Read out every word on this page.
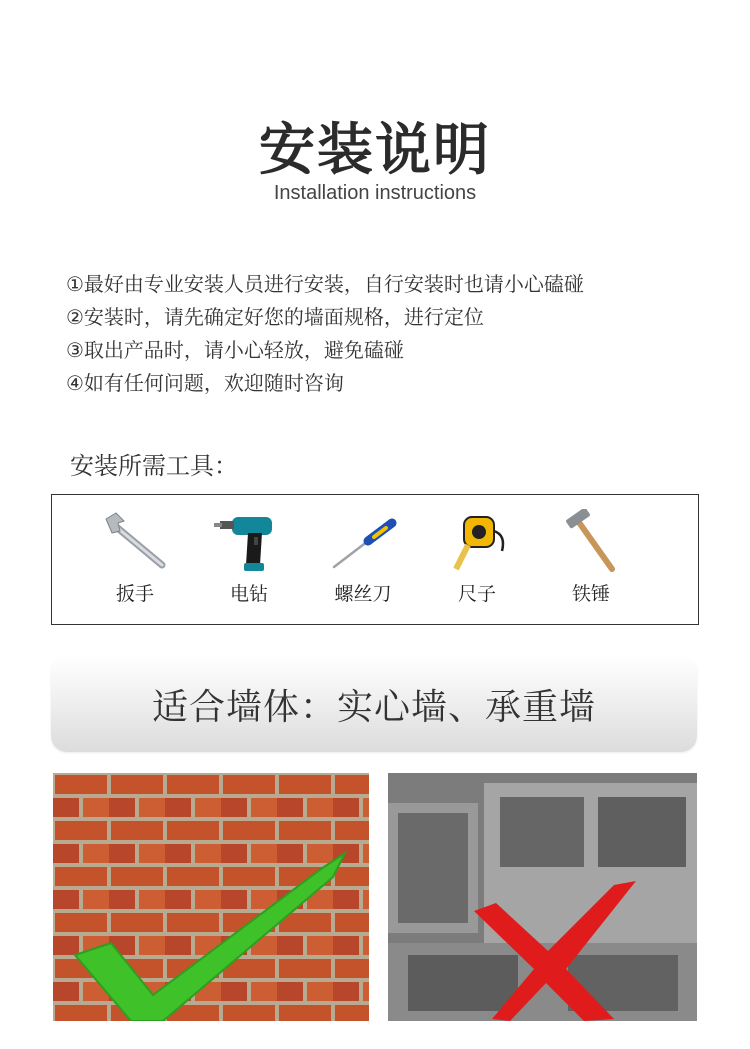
安装说明
Installation instructions
①最好由专业安装人员进行安装，自行安装时也请小心磕碰
②安装时，请先确定好您的墙面规格，进行定位
③取出产品时，请小心轻放，避免磕碰
④如有任何问题，欢迎随时咨询
安装所需工具：
扳手	电钻	螺丝刀	尺子	铁锤
适合墙体：实心墙、承重墙
